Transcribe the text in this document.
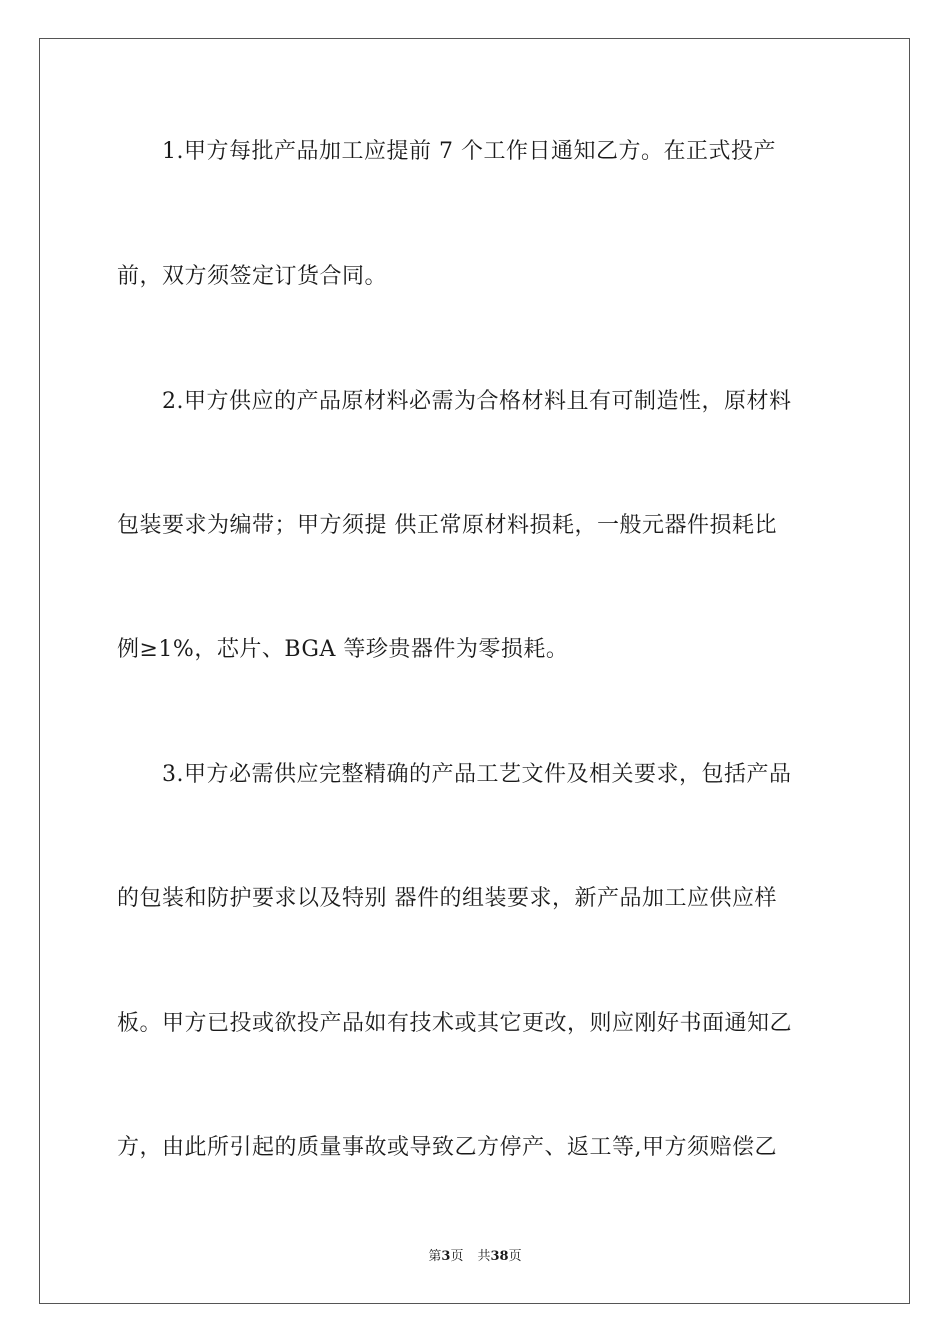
1.甲方每批产品加工应提前 7 个工作日通知乙方。在正式投产
前，双方须签定订货合同。
2.甲方供应的产品原材料必需为合格材料且有可制造性，原材料
包装要求为编带；甲方须提 供正常原材料损耗，一般元器件损耗比
例≥1%，芯片、BGA 等珍贵器件为零损耗。
3.甲方必需供应完整精确的产品工艺文件及相关要求，包括产品
的包装和防护要求以及特别 器件的组装要求，新产品加工应供应样
板。甲方已投或欲投产品如有技术或其它更改，则应刚好书面通知乙
方，由此所引起的质量事故或导致乙方停产、返工等,甲方须赔偿乙
第3页 共38页
